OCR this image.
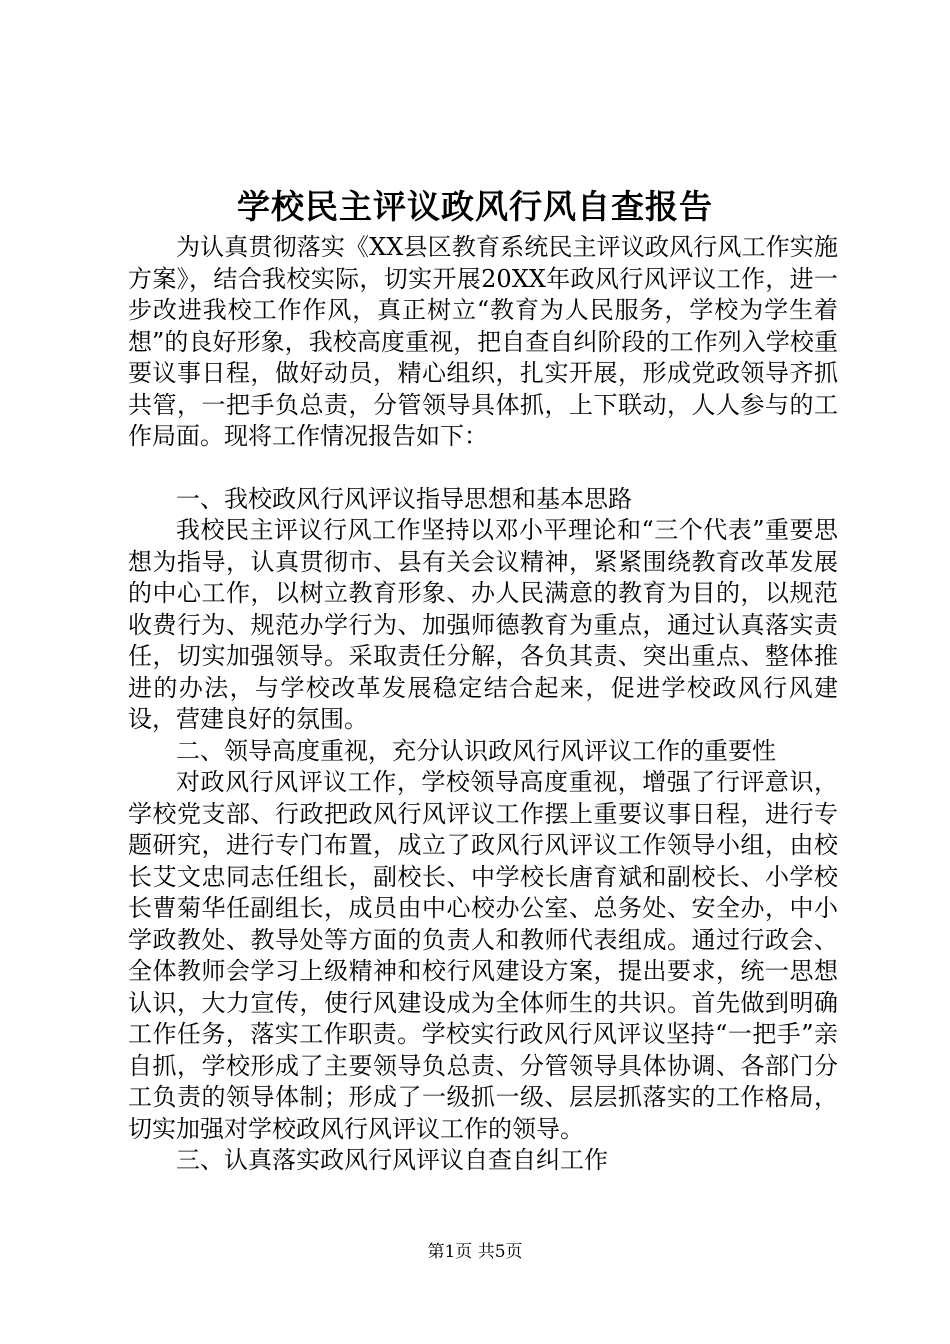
学校民主评议政风行风自查报告

为认真贯彻落实《XX县区教育系统民主评议政风行风工作实施方案》，结合我校实际，切实开展20XX年政风行风评议工作，进一步改进我校工作作风，真正树立“教育为人民服务，学校为学生着想”的良好形象，我校高度重视，把自查自纠阶段的工作列入学校重要议事日程，做好动员，精心组织，扎实开展，形成党政领导齐抓共管，一把手负总责，分管领导具体抓，上下联动，人人参与的工作局面。现将工作情况报告如下：

一、我校政风行风评议指导思想和基本思路

我校民主评议行风工作坚持以邓小平理论和“三个代表”重要思想为指导，认真贯彻市、县有关会议精神，紧紧围绕教育改革发展的中心工作，以树立教育形象、办人民满意的教育为目的，以规范收费行为、规范办学行为、加强师德教育为重点，通过认真落实责任，切实加强领导。采取责任分解，各负其责、突出重点、整体推进的办法，与学校改革发展稳定结合起来，促进学校政风行风建设，营建良好的氛围。

二、领导高度重视，充分认识政风行风评议工作的重要性

对政风行风评议工作，学校领导高度重视，增强了行评意识，学校党支部、行政把政风行风评议工作摆上重要议事日程，进行专题研究，进行专门布置，成立了政风行风评议工作领导小组，由校长艾文忠同志任组长，副校长、中学校长唐育斌和副校长、小学校长曹菊华任副组长，成员由中心校办公室、总务处、安全办，中小学政教处、教导处等方面的负责人和教师代表组成。通过行政会、全体教师会学习上级精神和校行风建设方案，提出要求，统一思想认识，大力宣传，使行风建设成为全体师生的共识。首先做到明确工作任务，落实工作职责。学校实行政风行风评议坚持“一把手”亲自抓，学校形成了主要领导负总责、分管领导具体协调、各部门分工负责的领导体制；形成了一级抓一级、层层抓落实的工作格局，切实加强对学校政风行风评议工作的领导。

三、认真落实政风行风评议自查自纠工作

第1页 共5页
